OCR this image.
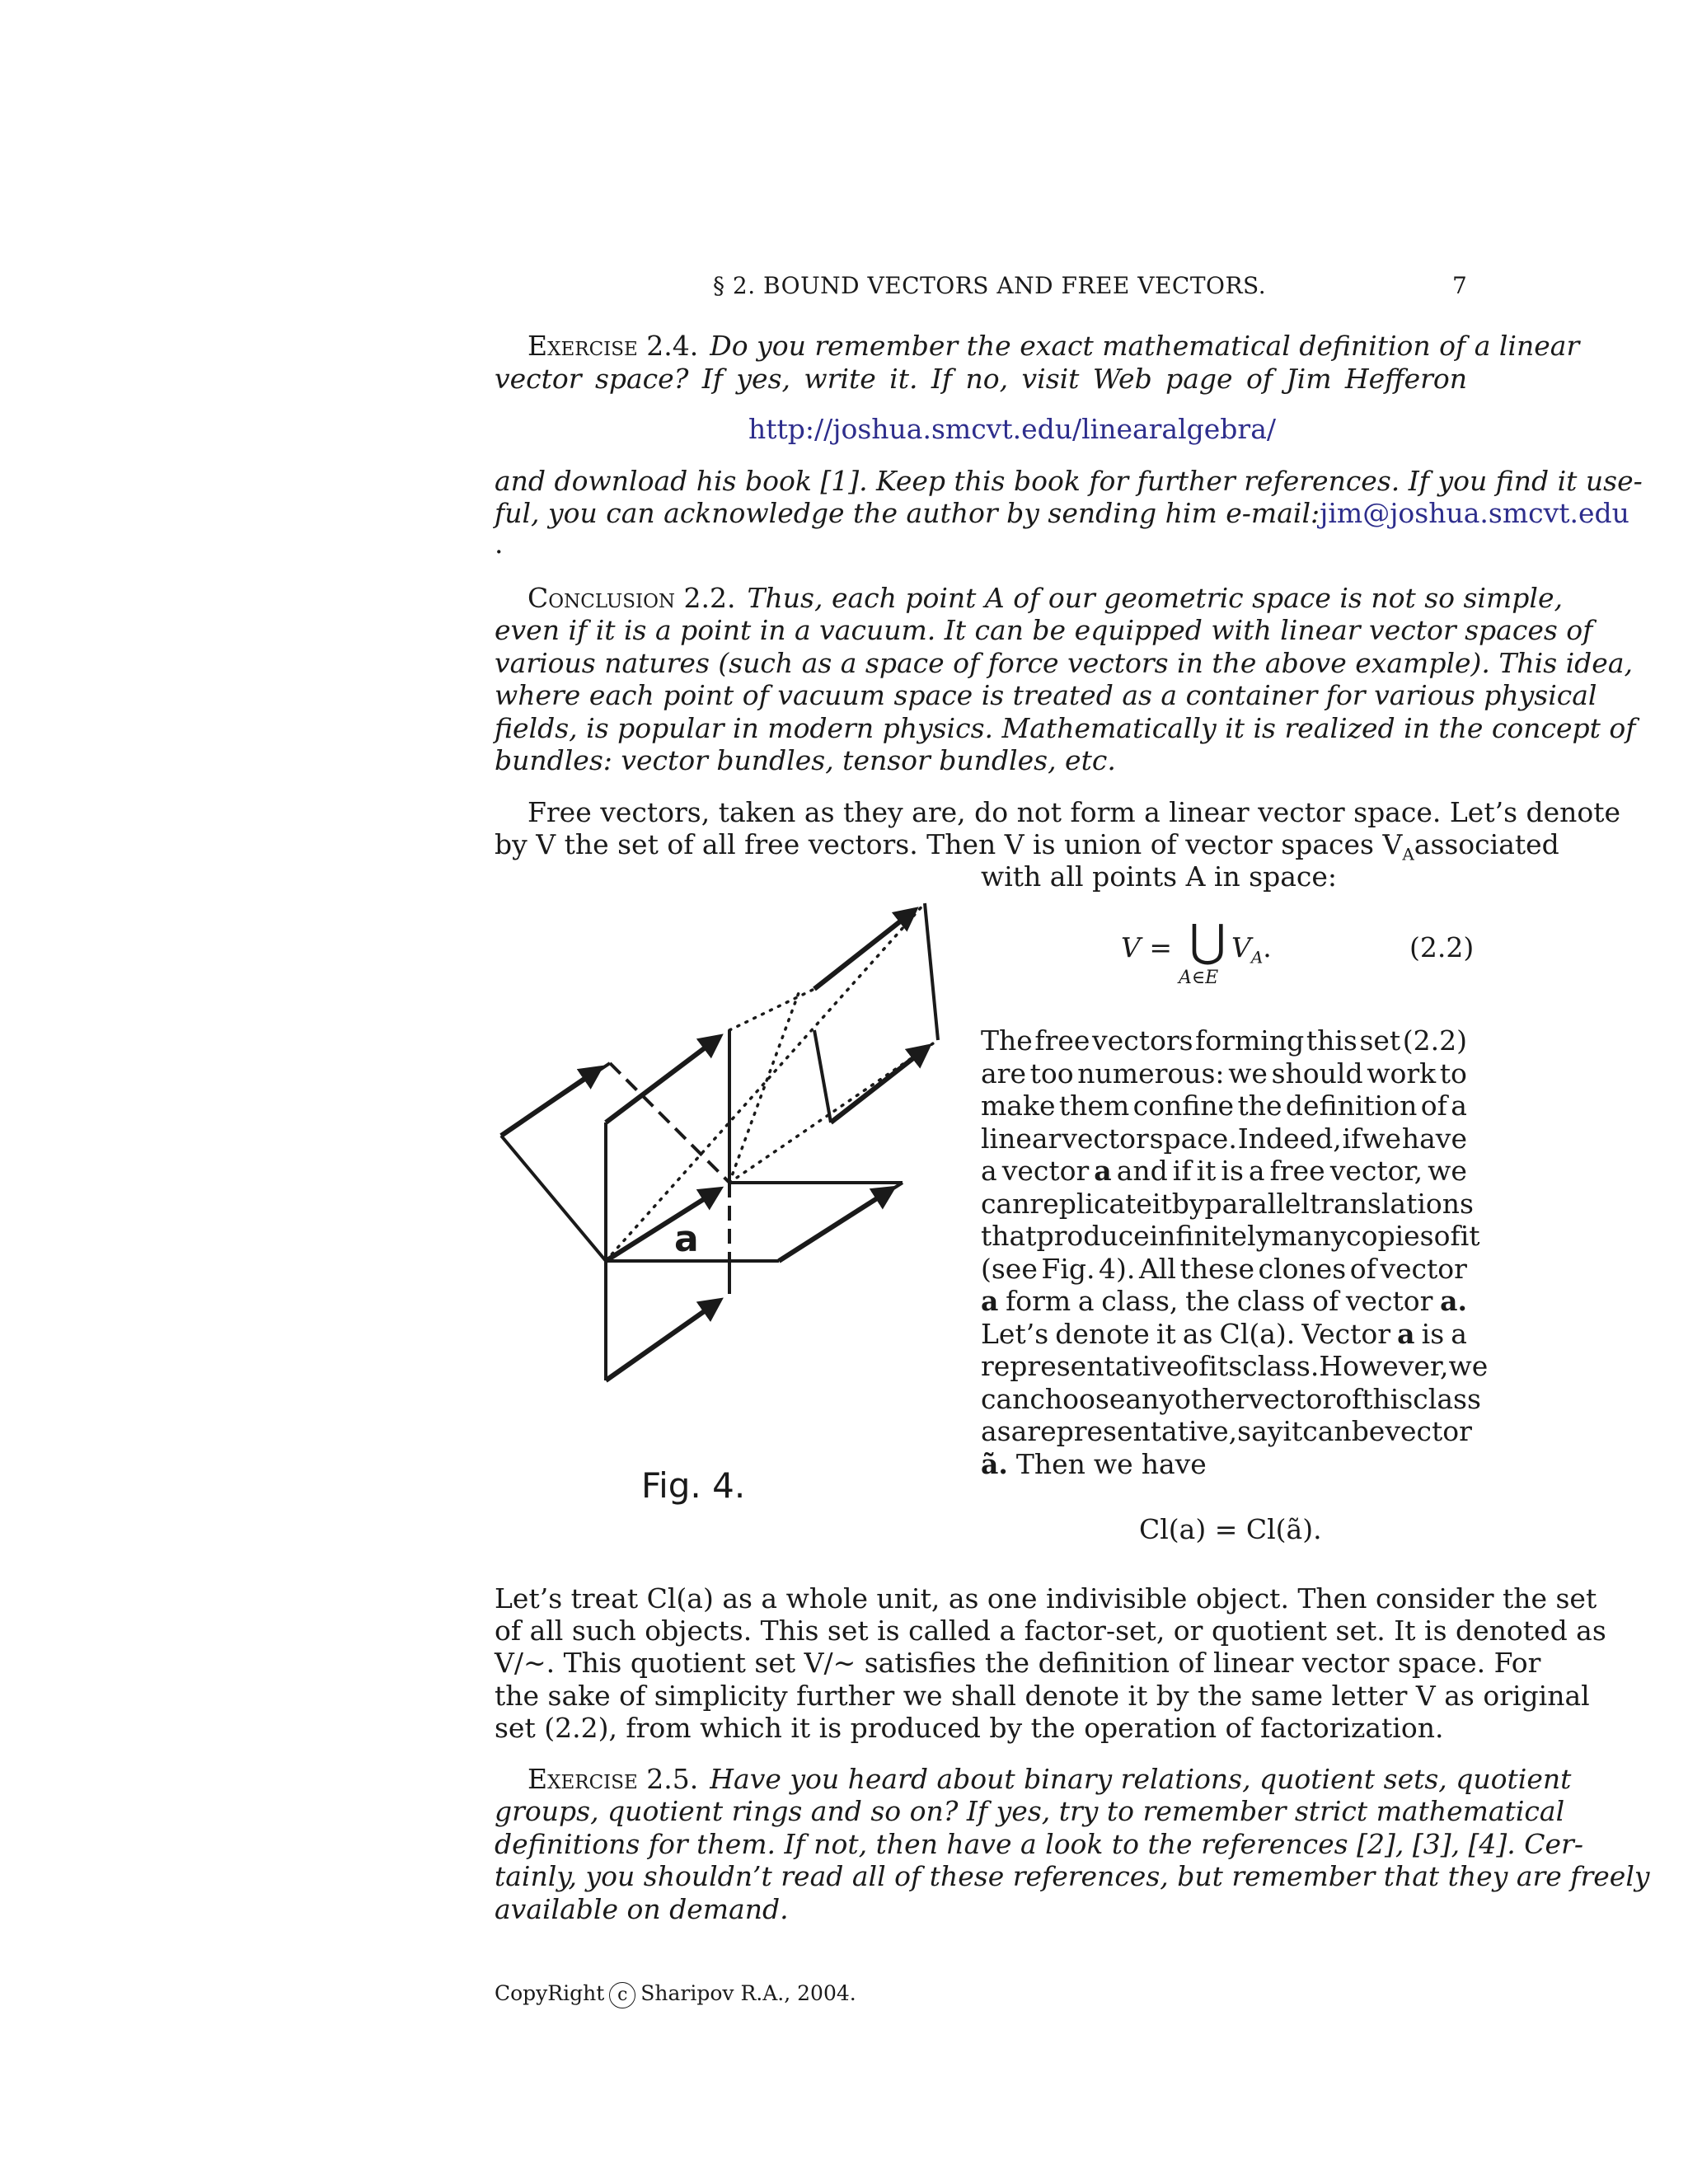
§ 2. BOUND VECTORS AND FREE VECTORS.	7
Exercise 2.4. Do you remember the exact mathematical definition of a linear
vector space? If yes, write it. If no, visit Web page of Jim Hefferon
http://joshua.smcvt.edu/linearalgebra/
and download his book [1]. Keep this book for further references. If you find it use-
ful, you can acknowledge the author by sending him e-mail: jim@joshua.smcvt.edu
.
Conclusion 2.2. Thus, each point A of our geometric space is not so simple,
even if it is a point in a vacuum. It can be equipped with linear vector spaces of
various natures (such as a space of force vectors in the above example). This idea,
where each point of vacuum space is treated as a container for various physical
fields, is popular in modern physics. Mathematically it is realized in the concept of
bundles: vector bundles, tensor bundles, etc.
Free vectors, taken as they are, do not form a linear vector space. Let’s denote
by V the set of all free vectors. Then V is union of vector spaces $V_A$ associated
with all points A in space:
V = ⋃
A∈E
$V_A$.	(2.2)
The free vectors forming this set (2.2)
are too numerous: we should work to
make them confine the definition of a
linear vector space. Indeed, if we have
a vector a and if it is a free vector, we
can replicate it by parallel translations
that produce infinitely many copies of it
(see Fig. 4). All these clones of vector
a form a class, the class of vector a.
Let’s denote it as Cl(a). Vector a is a
representative of its class. However, we
can choose any other vector of this class
as a representative, say it can be vector
ã. Then we have
a
Fig. 4.
Cl(a) = Cl(ã).
Let’s treat Cl(a) as a whole unit, as one indivisible object. Then consider the set
of all such objects. This set is called a factor-set, or quotient set. It is denoted as
V/∼. This quotient set V/∼ satisfies the definition of linear vector space. For
the sake of simplicity further we shall denote it by the same letter V as original
set (2.2), from which it is produced by the operation of factorization.
Exercise 2.5. Have you heard about binary relations, quotient sets, quotient
groups, quotient rings and so on? If yes, try to remember strict mathematical
definitions for them. If not, then have a look to the references [2], [3], [4]. Cer-
tainly, you shouldn’t read all of these references, but remember that they are freely
available on demand.
CopyRight c Sharipov R.A., 2004.
